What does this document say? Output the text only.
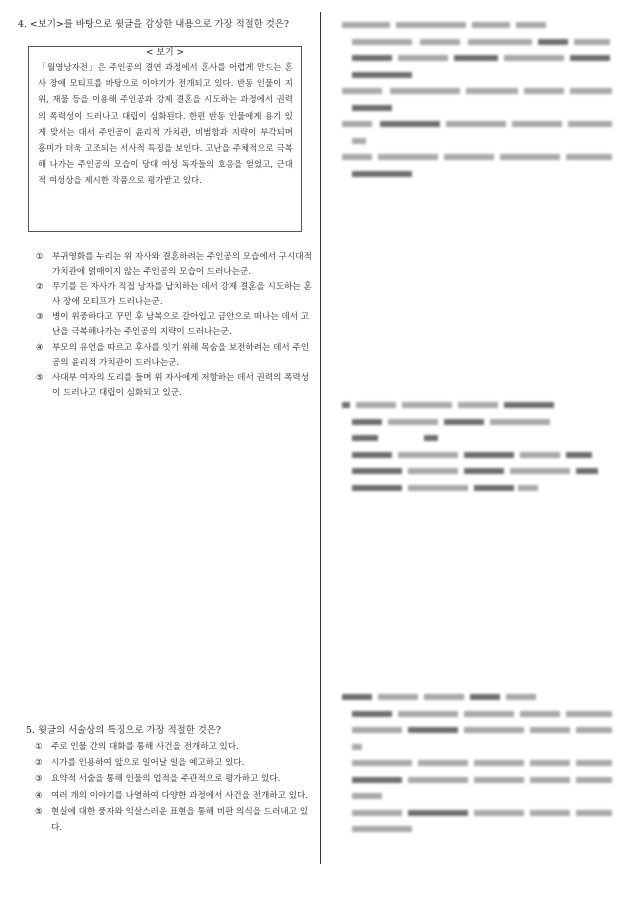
4. <보기>를 바탕으로 윗글을 감상한 내용으로 가장 적절한 것은?
< 보기 >
「월영낭자전」은 주인공의 결연 과정에서 혼사를 어렵게 만드는 혼사 장애 모티프를 바탕으로 이야기가 전개되고 있다. 반동 인물이 지위, 재물 등을 이용해 주인공과 강제 결혼을 시도하는 과정에서 권력의 폭력성이 드러나고 대립이 심화된다. 한편 반동 인물에게 용기 있게 맞서는 대서 주인공이 윤리적 가치관, 비범함과 지략이 부각되며 흥미가 더욱 고조되는 서사적 특징을 보인다. 고난을 주체적으로 극복해 나가는 주인공의 모습이 당대 여성 독자들의 호응을 얻었고, 근대적 여성상을 제시한 작품으로 평가받고 있다.
① 부귀영화를 누리는 위 자사와 결혼하려는 주인공의 모습에서 구시대적 가치관에 얽매이지 않는 주인공의 모습이 드러나는군.
② 무기를 든 자사가 직접 낭자를 납치하는 데서 강제 결혼을 시도하는 혼사 장애 모티프가 드러나는군.
③ 병이 위중하다고 꾸민 후 남복으로 갈아입고 금안으로 떠나는 데서 고난을 극복해나가는 주인공의 지략이 드러나는군.
④ 부모의 유언을 따르고 후사를 잇기 위해 목숨을 보전하려는 데서 주인공의 윤리적 가치관이 드러나는군.
⑤ 사대부 여자의 도리를 들며 위 자사에게 저항하는 데서 권력의 폭력성이 드러나고 대립이 심화되고 있군.
5. 윗글의 서술상의 특징으로 가장 적절한 것은?
① 주로 인물 간의 대화를 통해 사건을 전개하고 있다.
② 시가를 인용하여 앞으로 일어날 일을 예고하고 있다.
③ 요약적 서술을 통해 인물의 업적을 주관적으로 평가하고 있다.
④ 여러 개의 이야기를 나열하여 다양한 과정에서 사건을 전개하고 있다.
⑤ 현실에 대한 풍자와 익살스러운 표현을 통해 비판 의식을 드러내고 있다.
